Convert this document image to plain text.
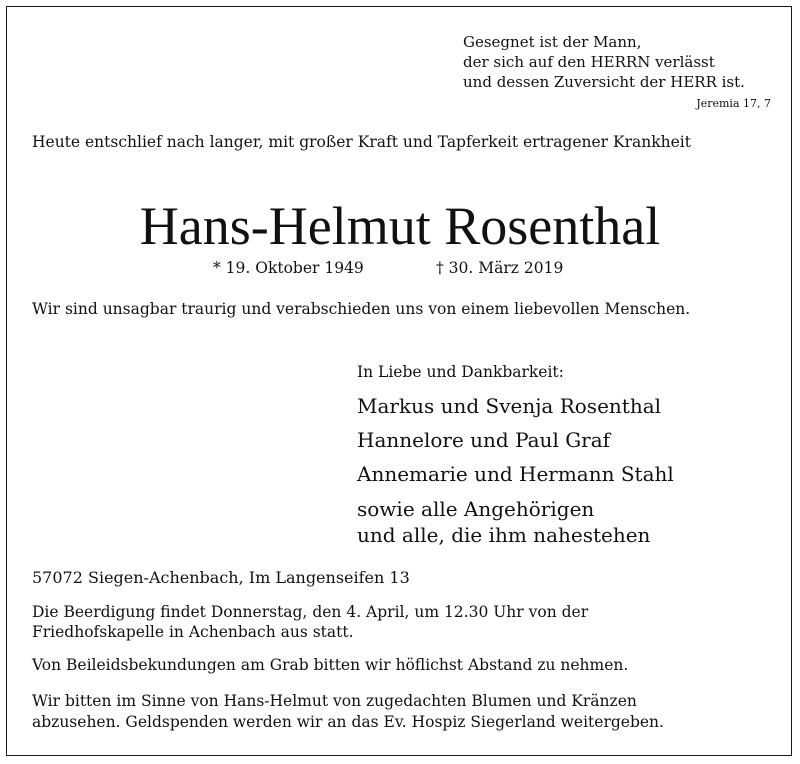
Gesegnet ist der Mann,
der sich auf den HERRN verlässt
und dessen Zuversicht der HERR ist.
Jeremia 17, 7
Heute entschlief nach langer, mit großer Kraft und Tapferkeit ertragener Krankheit
Hans-Helmut Rosenthal
* 19. Oktober 1949	† 30. März 2019
Wir sind unsagbar traurig und verabschieden uns von einem liebevollen Menschen.
In Liebe und Dankbarkeit:
Markus und Svenja Rosenthal
Hannelore und Paul Graf
Annemarie und Hermann Stahl
sowie alle Angehörigen
und alle, die ihm nahestehen
57072 Siegen-Achenbach, Im Langenseifen 13
Die Beerdigung findet Donnerstag, den 4. April, um 12.30 Uhr von der
Friedhofskapelle in Achenbach aus statt.
Von Beileidsbekundungen am Grab bitten wir höflichst Abstand zu nehmen.
Wir bitten im Sinne von Hans-Helmut von zugedachten Blumen und Kränzen
abzusehen. Geldspenden werden wir an das Ev. Hospiz Siegerland weitergeben.
